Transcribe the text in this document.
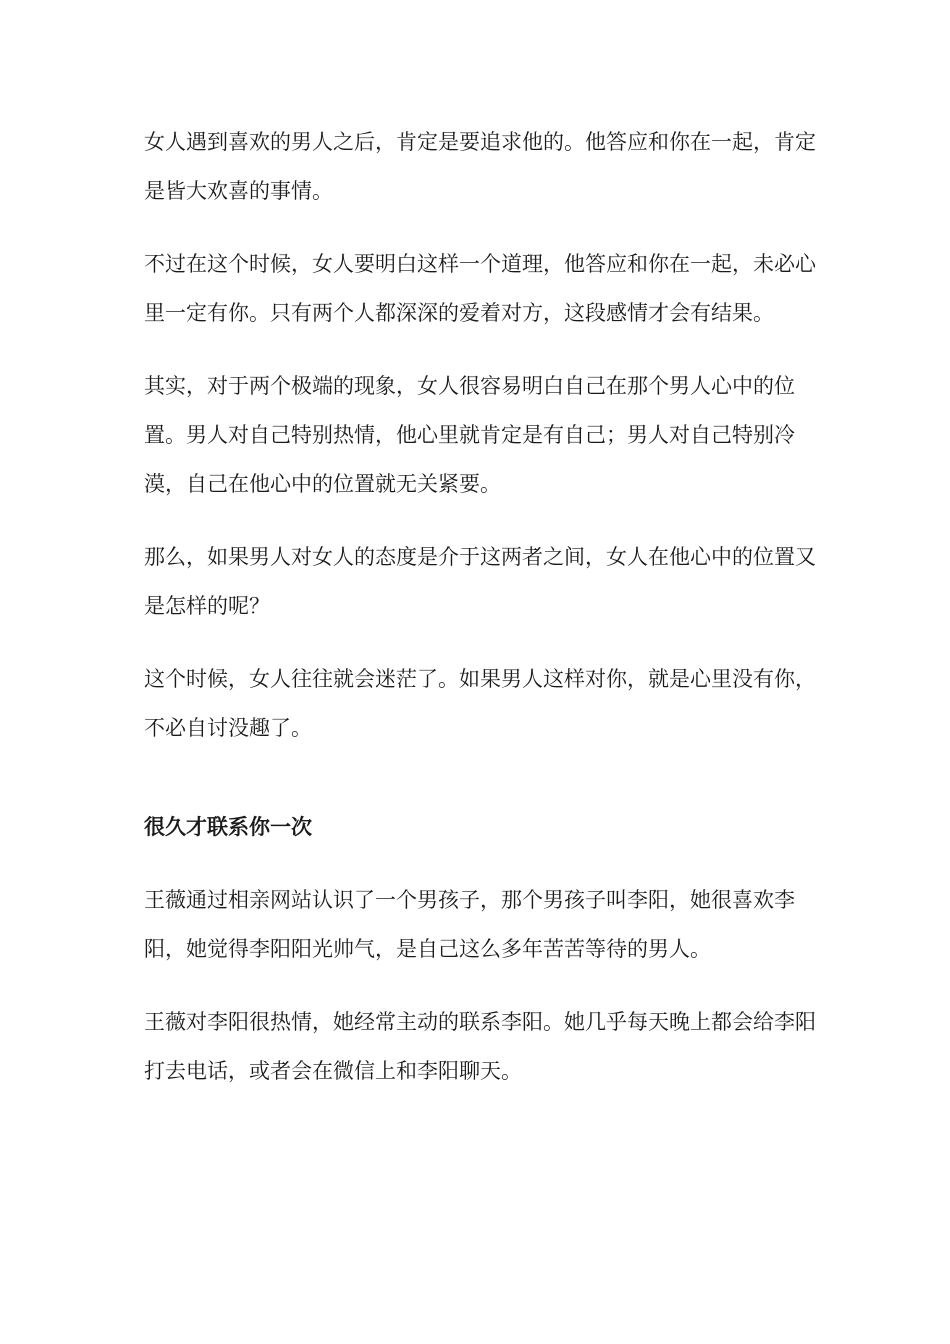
女人遇到喜欢的男人之后，肯定是要追求他的。他答应和你在一起，肯定是皆大欢喜的事情。

不过在这个时候，女人要明白这样一个道理，他答应和你在一起，未必心里一定有你。只有两个人都深深的爱着对方，这段感情才会有结果。

其实，对于两个极端的现象，女人很容易明白自己在那个男人心中的位置。男人对自己特别热情，他心里就肯定是有自己；男人对自己特别冷漠，自己在他心中的位置就无关紧要。

那么，如果男人对女人的态度是介于这两者之间，女人在他心中的位置又是怎样的呢？

这个时候，女人往往就会迷茫了。如果男人这样对你，就是心里没有你，不必自讨没趣了。

很久才联系你一次

王薇通过相亲网站认识了一个男孩子，那个男孩子叫李阳，她很喜欢李阳，她觉得李阳阳光帅气，是自己这么多年苦苦等待的男人。

王薇对李阳很热情，她经常主动的联系李阳。她几乎每天晚上都会给李阳打去电话，或者会在微信上和李阳聊天。
